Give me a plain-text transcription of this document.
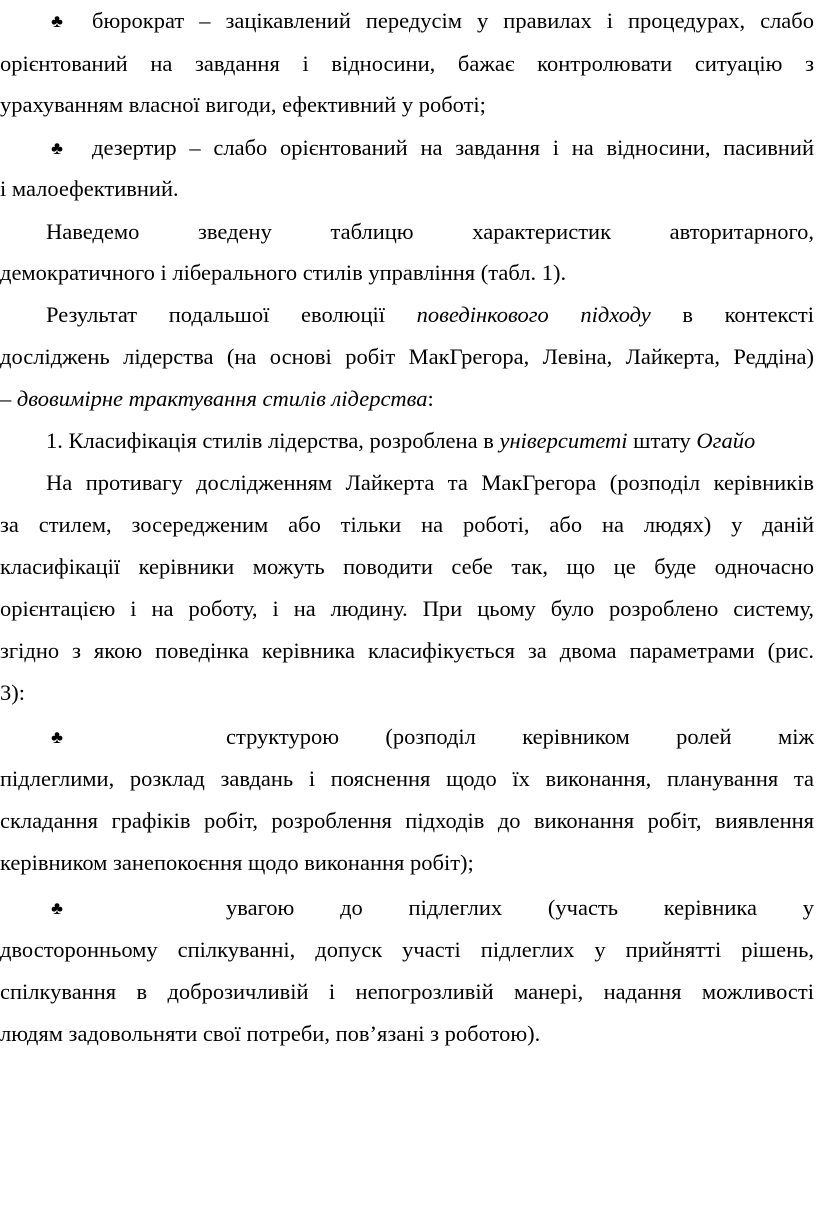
♣ бюрократ – зацікавлений передусім у правилах і процедурах, слабо
орієнтований на завдання і відносини, бажає контролювати ситуацію з
урахуванням власної вигоди, ефективний у роботі;
♣ дезертир – слабо орієнтований на завдання і на відносини, пасивний
і малоефективний.
Наведемо зведену таблицю характеристик авторитарного,
демократичного і ліберального стилів управління (табл. 1).
Результат подальшої еволюції поведінкового підходу в контексті
досліджень лідерства (на основі робіт МакГрегора, Левіна, Лайкерта, Реддіна)
– двовимірне трактування стилів лідерства:
1. Класифікація стилів лідерства, розроблена в університеті штату Огайо
На противагу дослідженням Лайкерта та МакГрегора (розподіл керівників
за стилем, зосередженим або тільки на роботі, або на людях) у даній
класифікації керівники можуть поводити себе так, що це буде одночасно
орієнтацією і на роботу, і на людину. При цьому було розроблено систему,
згідно з якою поведінка керівника класифікується за двома параметрами (рис.
3):
♣	структурою (розподіл керівником ролей між
підлеглими, розклад завдань і пояснення щодо їх виконання, планування та
складання графіків робіт, розроблення підходів до виконання робіт, виявлення
керівником занепокоєння щодо виконання робіт);
♣	увагою до підлеглих (участь керівника у
двосторонньому спілкуванні, допуск участі підлеглих у прийнятті рішень,
спілкування в доброзичливій і непогрозливій манері, надання можливості
людям задовольняти свої потреби, пов’язані з роботою).
